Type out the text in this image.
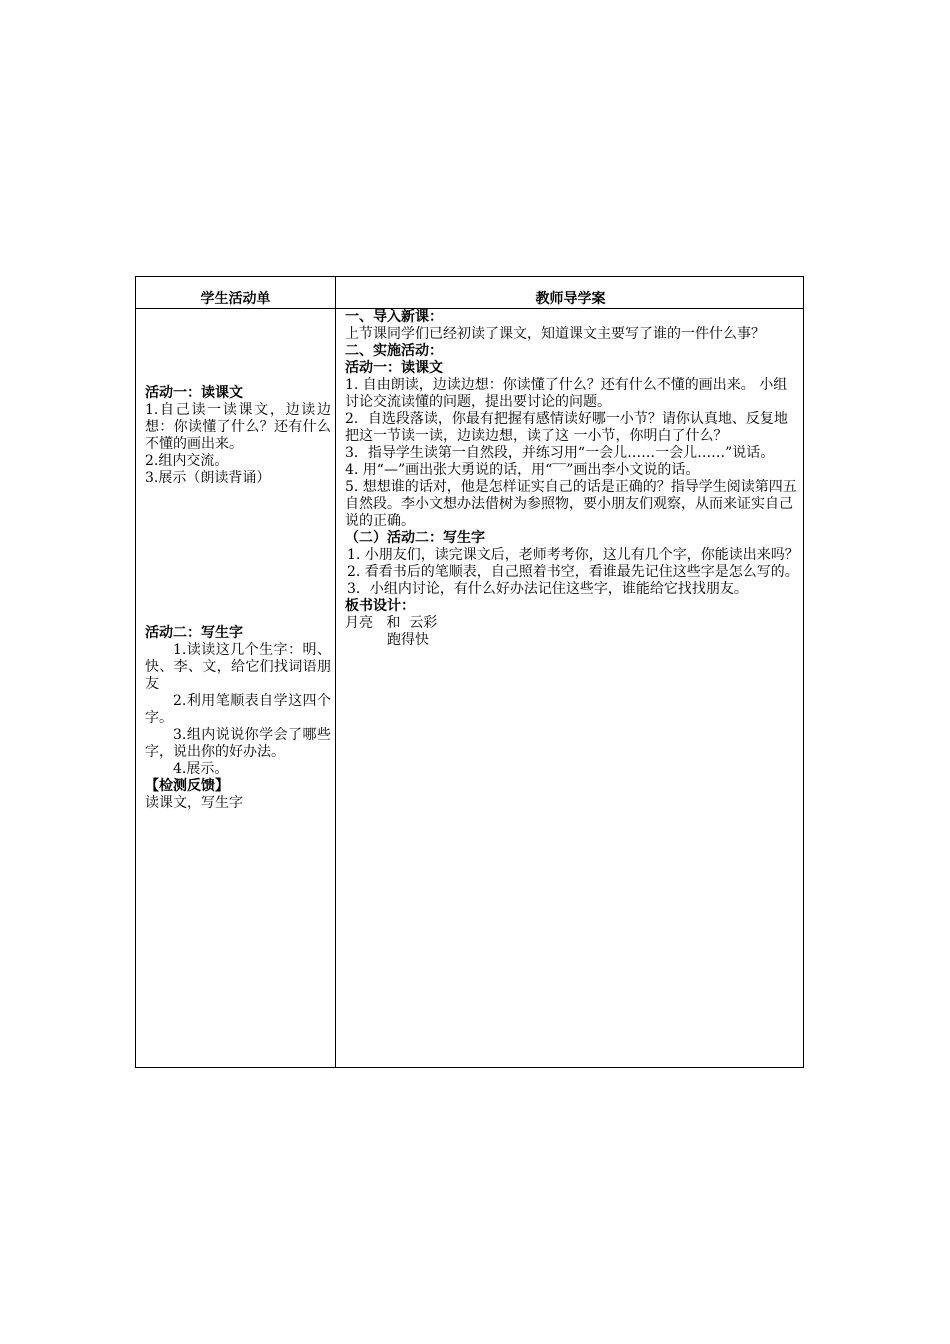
学生活动单	教师导学案

活动一：读课文

1.自己读一读课文，边读边想：你读懂了什么？还有什么不懂的画出来。

2.组内交流。

3.展示（朗读背诵）

活动二：写生字

1.读读这几个生字：明、快、李、文，给它们找词语朋友

2.利用笔顺表自学这四个字。

3.组内说说你学会了哪些字，说出你的好办法。

4.展示。

【检测反馈】

读课文，写生字

一、导入新课：

上节课同学们已经初读了课文，知道课文主要写了谁的一件什么事？

二、实施活动：

活动一：读课文

1. 自由朗读，边读边想：你读懂了什么？还有什么不懂的画出来。 小组讨论交流读懂的问题，提出要讨论的问题。

2．自选段落读，你最有把握有感情读好哪一小节？请你认真地、反复地把这一节读一读，边读边想，读了这 一小节，你明白了什么？

3．指导学生读第一自然段，并练习用“一会儿……一会儿……”说话。

4. 用“—”画出张大勇说的话，用“‾‾”画出李小文说的话。

5. 想想谁的话对，他是怎样证实自己的话是正确的？指导学生阅读第四五自然段。李小文想办法借树为参照物，要小朋友们观察，从而来证实自己说的正确。

（二）活动二：写生字

1. 小朋友们，读完课文后，老师考考你，这儿有几个字，你能读出来吗？

2. 看看书后的笔顺表，自己照着书空，看谁最先记住这些字是怎么写的。

3．小组内讨论，有什么好办法记住这些字，谁能给它找找朋友。

板书设计：

月亮   和  云彩

跑得快
